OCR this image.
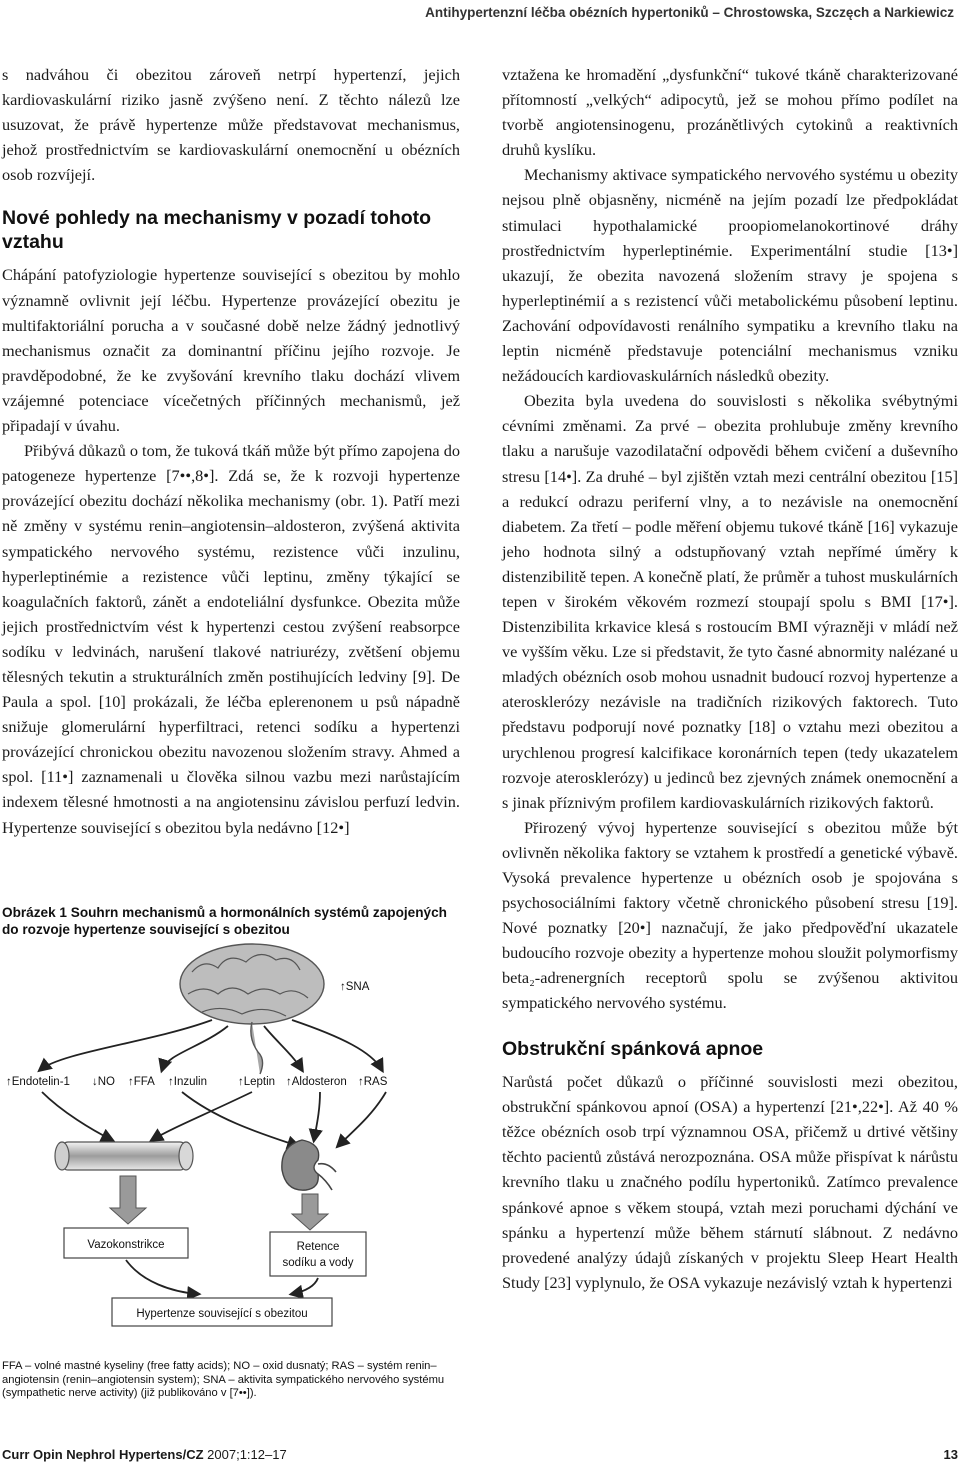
Antihypertenzní léčba obézních hypertoniků – Chrostowska, Szczęch a Narkiewicz

s nadváhou či obezitou zároveň netrpí hypertenzí, jejich kardiovaskulární riziko jasně zvýšeno není. Z těchto nálezů lze usuzovat, že právě hypertenze může představovat mechanismus, jehož prostřednictvím se kardiovaskulární onemocnění u obézních osob rozvíjejí.

Nové pohledy na mechanismy v pozadí tohoto vztahu

Chápání patofyziologie hypertenze související s obezitou by mohlo významně ovlivnit její léčbu. Hypertenze provázející obezitu je multifaktoriální porucha a v současné době nelze žádný jednotlivý mechanismus označit za dominantní příčinu jejího rozvoje. Je pravděpodobné, že ke zvyšování krevního tlaku dochází vlivem vzájemné potenciace vícečetných příčinných mechanismů, jež připadají v úvahu.

Přibývá důkazů o tom, že tuková tkáň může být přímo zapojena do patogeneze hypertenze [7••,8•]. Zdá se, že k rozvoji hypertenze provázející obezitu dochází několika mechanismy (obr. 1). Patří mezi ně změny v systému renin–angiotensin–aldosteron, zvýšená aktivita sympatického nervového systému, rezistence vůči inzulinu, hyperleptinémie a rezistence vůči leptinu, změny týkající se koagulačních faktorů, zánět a endoteliální dysfunkce. Obezita může jejich prostřednictvím vést k hypertenzi cestou zvýšení reabsorpce sodíku v ledvinách, narušení tlakové natriurézy, zvětšení objemu tělesných tekutin a strukturálních změn postihujících ledviny [9]. De Paula a spol. [10] prokázali, že léčba eplerenonem u psů nápadně snižuje glomerulární hyperfiltraci, retenci sodíku a hypertenzi provázející chronickou obezitu navozenou složením stravy. Ahmed a spol. [11•] zaznamenali u člověka silnou vazbu mezi narůstajícím indexem tělesné hmotnosti a na angiotensinu závislou perfuzí ledvin. Hypertenze související s obezitou byla nedávno [12•]

Obrázek 1 Souhrn mechanismů a hormonálních systémů zapojených do rozvoje hypertenze související s obezitou
↑SNA
↑Endotelin-1 ↓NO ↑FFA ↑Inzulin	↑Leptin ↑Aldosteron ↑RAS
Vazokonstrikce	Retence
sodíku a vody
Hypertenze související s obezitou
FFA – volné mastné kyseliny (free fatty acids); NO – oxid dusnatý; RAS – systém renin–angiotensin (renin–angiotensin system); SNA – aktivita sympatického nervového systému (sympathetic nerve activity) (již publikováno v [7••]).

vztažena ke hromadění „dysfunkční“ tukové tkáně charakterizované přítomností „velkých“ adipocytů, jež se mohou přímo podílet na tvorbě angiotensinogenu, prozánětlivých cytokinů a reaktivních druhů kyslíku.

Mechanismy aktivace sympatického nervového systému u obezity nejsou plně objasněny, nicméně na jejím pozadí lze předpokládat stimulaci hypothalamické proopiomelanokortinové dráhy prostřednictvím hyperleptinémie. Experimentální studie [13•] ukazují, že obezita navozená složením stravy je spojena s hyperleptinémií a s rezistencí vůči metabolickému působení leptinu. Zachování odpovídavosti renálního sympatiku a krevního tlaku na leptin nicméně představuje potenciální mechanismus vzniku nežádoucích kardiovaskulárních následků obezity.

Obezita byla uvedena do souvislosti s několika svébytnými cévními změnami. Za prvé – obezita prohlubuje změny krevního tlaku a narušuje vazodilatační odpovědi během cvičení a duševního stresu [14•]. Za druhé – byl zjištěn vztah mezi centrální obezitou [15] a redukcí odrazu periferní vlny, a to nezávisle na onemocnění diabetem. Za třetí – podle měření objemu tukové tkáně [16] vykazuje jeho hodnota silný a odstupňovaný vztah nepřímé úměry k distenzibilitě tepen. A konečně platí, že průměr a tuhost muskulárních tepen v širokém věkovém rozmezí stoupají spolu s BMI [17•]. Distenzibilita krkavice klesá s rostoucím BMI výrazněji v mládí než ve vyšším věku. Lze si představit, že tyto časné abnormity nalézané u mladých obézních osob mohou usnadnit budoucí rozvoj hypertenze a aterosklerózy nezávisle na tradičních rizikových faktorech. Tuto představu podporují nové poznatky [18] o vztahu mezi obezitou a urychlenou progresí kalcifikace koronárních tepen (tedy ukazatelem rozvoje aterosklerózy) u jedinců bez zjevných známek onemocnění a s jinak příznivým profilem kardiovaskulárních rizikových faktorů.

Přirozený vývoj hypertenze související s obezitou může být ovlivněn několika faktory se vztahem k prostředí a genetické výbavě. Vysoká prevalence hypertenze u obézních osob je spojována s psychosociálními faktory včetně chronického působení stresu [19]. Nové poznatky [20•] naznačují, že jako předpověďní ukazatele budoucího rozvoje obezity a hypertenze mohou sloužit polymorfismy beta₂-adrenergních receptorů spolu se zvýšenou aktivitou sympatického nervového systému.

Obstrukční spánková apnoe

Narůstá počet důkazů o příčinné souvislosti mezi obezitou, obstrukční spánkovou apnoí (OSA) a hypertenzí [21•,22•]. Až 40 % těžce obézních osob trpí významnou OSA, přičemž u drtivé většiny těchto pacientů zůstává nerozpoznána. OSA může přispívat k nárůstu krevního tlaku u značného podílu hypertoniků. Zatímco prevalence spánkové apnoe s věkem stoupá, vztah mezi poruchami dýchání ve spánku a hypertenzí může během stárnutí slábnout. Z nedávno provedené analýzy údajů získaných v projektu Sleep Heart Health Study [23] vyplynulo, že OSA vykazuje nezávislý vztah k hypertenzi

Curr Opin Nephrol Hypertens/CZ 2007;1:12–17	13
